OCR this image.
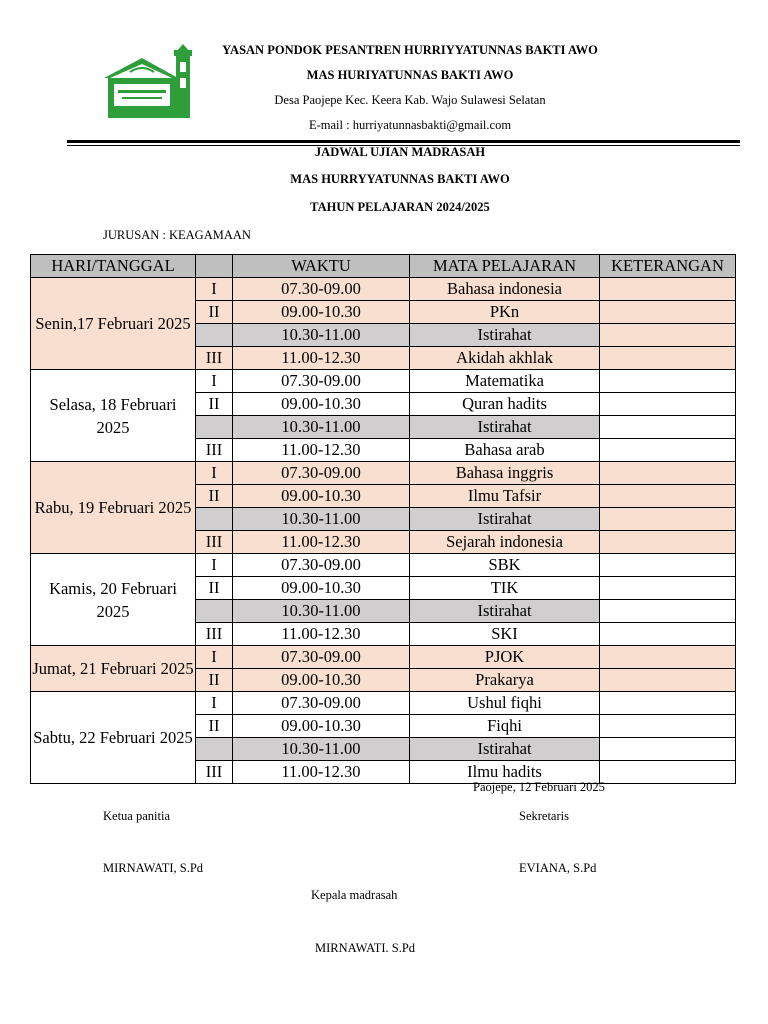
YASAN PONDOK PESANTREN HURRIYYATUNNAS BAKTI AWO
MAS HURIYATUNNAS BAKTI AWO
Desa Paojepe Kec. Keera Kab. Wajo Sulawesi Selatan
E-mail : hurriyatunnasbakti@gmail.com
JADWAL UJIAN MADRASAH
MAS HURRYYATUNNAS BAKTI AWO
TAHUN PELAJARAN 2024/2025
JURUSAN : KEAGAMAAN
HARI/TANGGAL		WAKTU	MATA PELAJARAN	KETERANGAN
Senin,17 Februari 2025	I	07.30-09.00	Bahasa indonesia	
	II	09.00-10.30	PKn	
		10.30-11.00	Istirahat	
	III	11.00-12.30	Akidah akhlak	
Selasa, 18 Februari 2025	I	07.30-09.00	Matematika	
	II	09.00-10.30	Quran hadits	
		10.30-11.00	Istirahat	
	III	11.00-12.30	Bahasa arab	
Rabu, 19 Februari 2025	I	07.30-09.00	Bahasa inggris	
	II	09.00-10.30	Ilmu Tafsir	
		10.30-11.00	Istirahat	
	III	11.00-12.30	Sejarah indonesia	
Kamis, 20 Februari 2025	I	07.30-09.00	SBK	
	II	09.00-10.30	TIK	
		10.30-11.00	Istirahat	
	III	11.00-12.30	SKI	
Jumat, 21 Februari 2025	I	07.30-09.00	PJOK	
	II	09.00-10.30	Prakarya	
Sabtu, 22 Februari 2025	I	07.30-09.00	Ushul fiqhi	
	II	09.00-10.30	Fiqhi	
		10.30-11.00	Istirahat	
	III	11.00-12.30	Ilmu hadits	
Paojepe, 12 Februari 2025
Ketua panitia	Sekretaris
MIRNAWATI, S.Pd	EVIANA, S.Pd
Kepala madrasah
MIRNAWATI. S.Pd
